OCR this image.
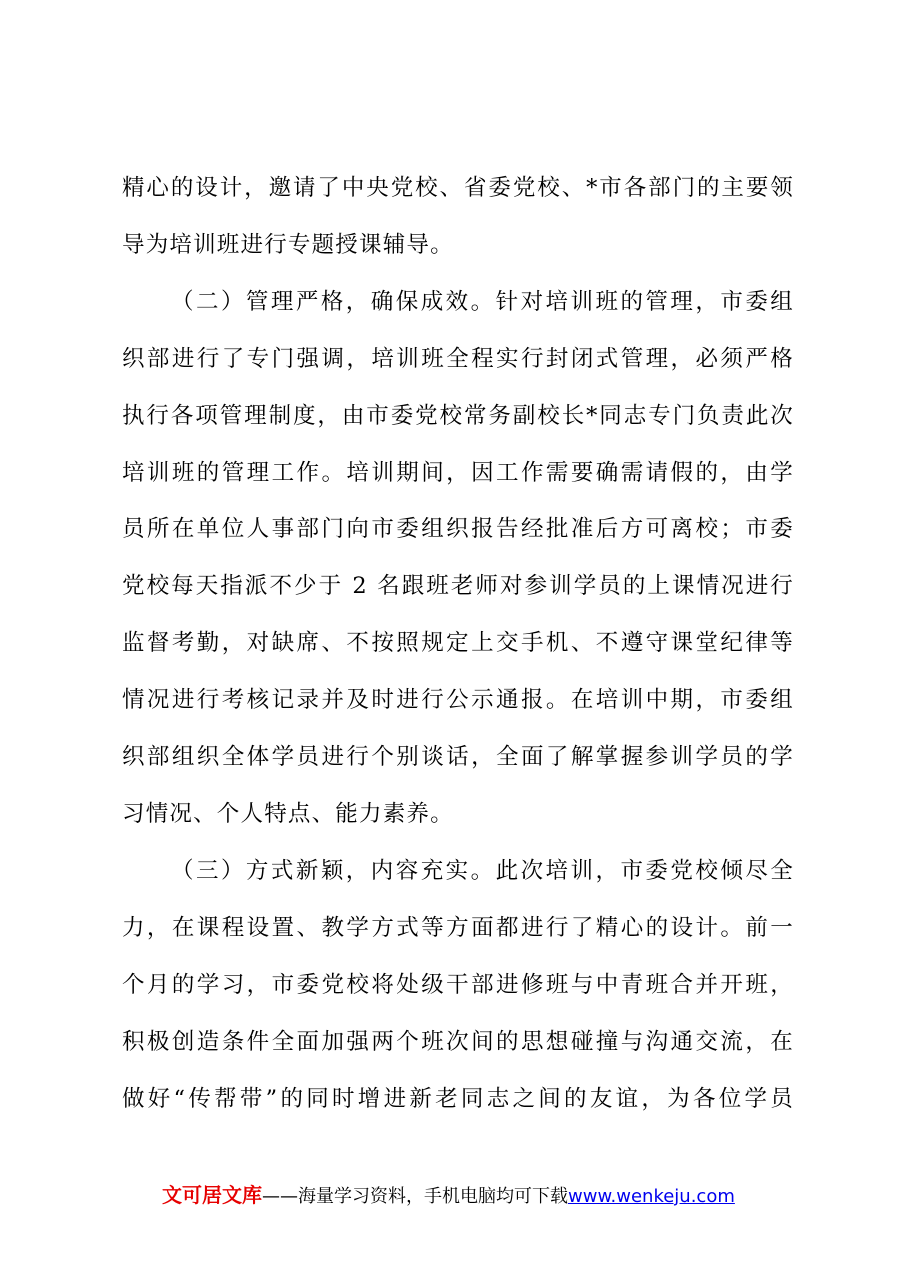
精心的设计，邀请了中央党校、省委党校、*市各部门的主要领
导为培训班进行专题授课辅导。

（二）管理严格，确保成效。针对培训班的管理，市委组
织部进行了专门强调，培训班全程实行封闭式管理，必须严格
执行各项管理制度，由市委党校常务副校长*同志专门负责此次
培训班的管理工作。培训期间，因工作需要确需请假的，由学
员所在单位人事部门向市委组织报告经批准后方可离校；市委
党校每天指派不少于 2 名跟班老师对参训学员的上课情况进行
监督考勤，对缺席、不按照规定上交手机、不遵守课堂纪律等
情况进行考核记录并及时进行公示通报。在培训中期，市委组
织部组织全体学员进行个别谈话，全面了解掌握参训学员的学
习情况、个人特点、能力素养。

（三）方式新颖，内容充实。此次培训，市委党校倾尽全
力，在课程设置、教学方式等方面都进行了精心的设计。前一
个月的学习，市委党校将处级干部进修班与中青班合并开班，
积极创造条件全面加强两个班次间的思想碰撞与沟通交流，在
做好“传帮带”的同时增进新老同志之间的友谊，为各位学员

文可居文库——海量学习资料，手机电脑均可下载www.wenkeju.com
